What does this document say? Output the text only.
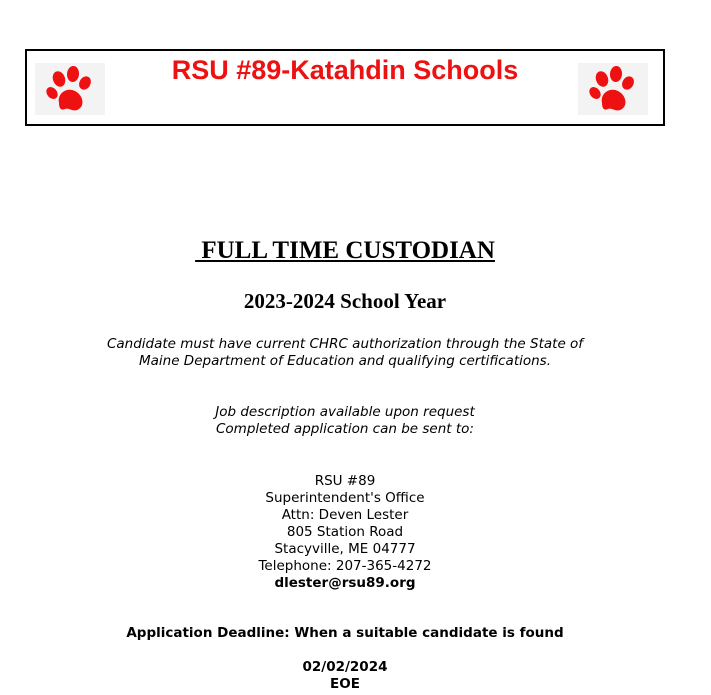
RSU #89-Katahdin Schools
FULL TIME CUSTODIAN
2023-2024 School Year
Candidate must have current CHRC authorization through the State of
Maine Department of Education and qualifying certifications.
Job description available upon request
Completed application can be sent to:
RSU #89
Superintendent's Office
Attn: Deven Lester
805 Station Road
Stacyville, ME 04777
Telephone: 207-365-4272
dlester@rsu89.org
Application Deadline: When a suitable candidate is found
02/02/2024
EOE
